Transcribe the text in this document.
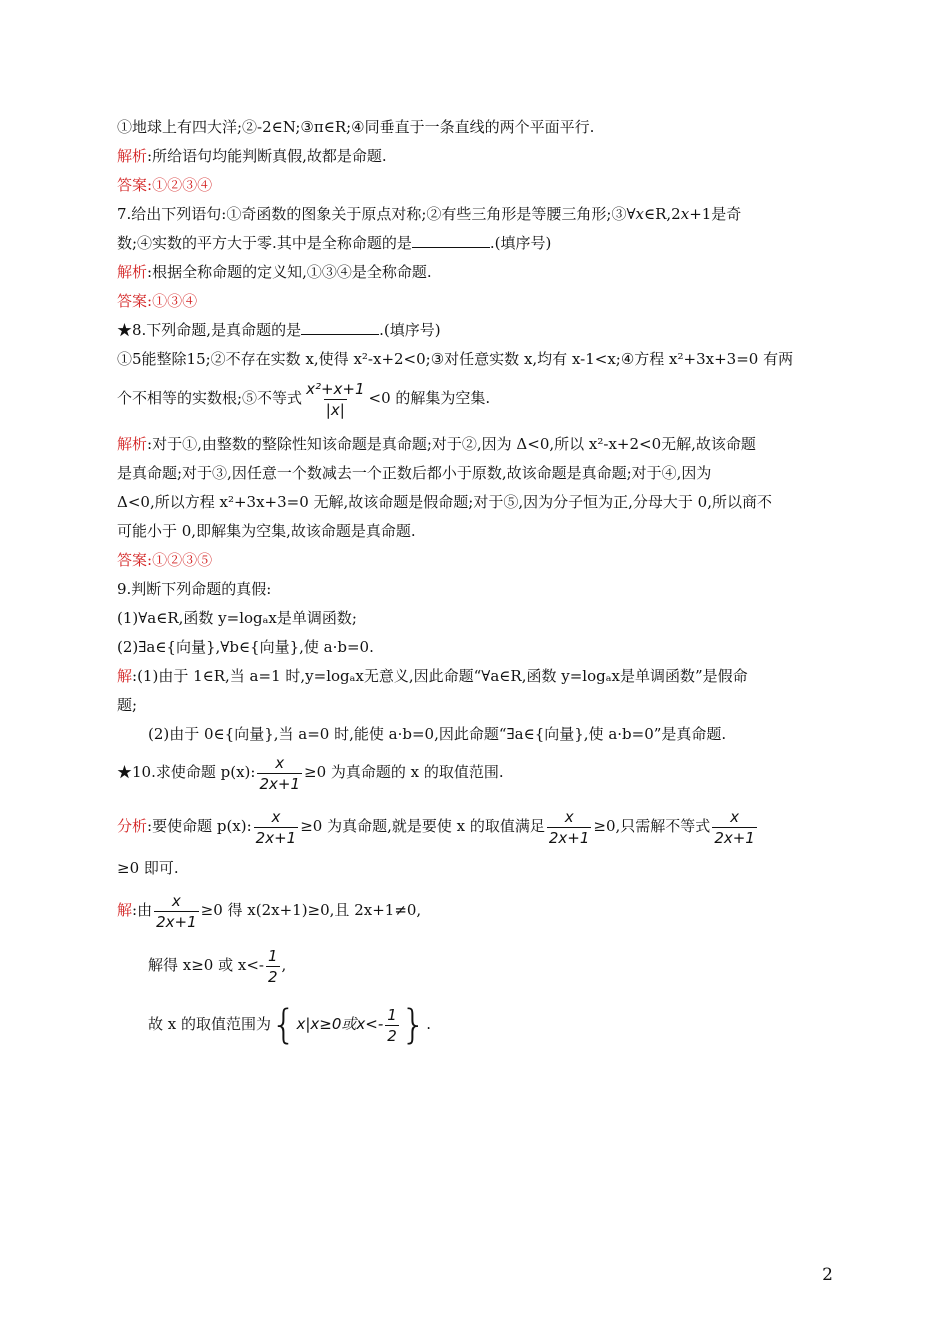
①地球上有四大洋;②-2∈N;③π∈R;④同垂直于一条直线的两个平面平行.
解析:所给语句均能判断真假,故都是命题.
答案:①②③④
7.给出下列语句:①奇函数的图象关于原点对称;②有些三角形是等腰三角形;③∀x∈R,2x+1是奇
数;④实数的平方大于零.其中是全称命题的是	.(填序号)
解析:根据全称命题的定义知,①③④是全称命题.
答案:①③④
★8.下列命题,是真命题的是	.(填序号)
①5能整除15;②不存在实数 x,使得 x²-x+2<0;③对任意实数 x,均有 x-1<x;④方程 x²+3x+3=0 有两
个不相等的实数根;⑤不等式 $\frac{\text{x²+x+1}}{|x|} <0$ 的解集为空集.
解析:对于①,由整数的整除性知该命题是真命题;对于②,因为 Δ<0,所以 x²-x+2<0无解,故该命题
是真命题;对于③,因任意一个数减去一个正数后都小于原数,故该命题是真命题;对于④,因为
Δ<0,所以方程 x²+3x+3=0 无解,故该命题是假命题;对于⑤,因为分子恒为正,分母大于 0,所以商不
可能小于 0,即解集为空集,故该命题是真命题.
答案:①②③⑤
9.判断下列命题的真假:
(1)∀a∈R,函数 y=logₐx是单调函数;
(2)∃a∈{向量},∀b∈{向量},使 a·b=0.
解:(1)由于 1∈R,当 a=1 时,y=logₐx无意义,因此命题“∀a∈R,函数 y=logₐx是单调函数”是假命
题;
(2)由于 0∈{向量},当 a=0 时,能使 a·b=0,因此命题“∃a∈{向量},使 a·b=0”是真命题.
★10.求使命题 p(x): $\frac{x}{2x+1} \ge 0$ 为真命题的 x 的取值范围.
分析:要使命题 p(x): $\frac{x}{2x+1} \ge 0$ 为真命题,就是要使 x 的取值满足 $\frac{x}{2x+1} \ge 0$,只需解不等式 $\frac{x}{2x+1}$
≥0 即可.
解:由 $\frac{x}{2x+1} \ge 0$ 得 x(2x+1)≥0,且 2x+1≠0,
解得 x≥0 或 $x<- \frac{1}{2}$ ,
故 x 的取值范围为{x|x≥0或$x<- \frac{1}{2}$ }.
2
